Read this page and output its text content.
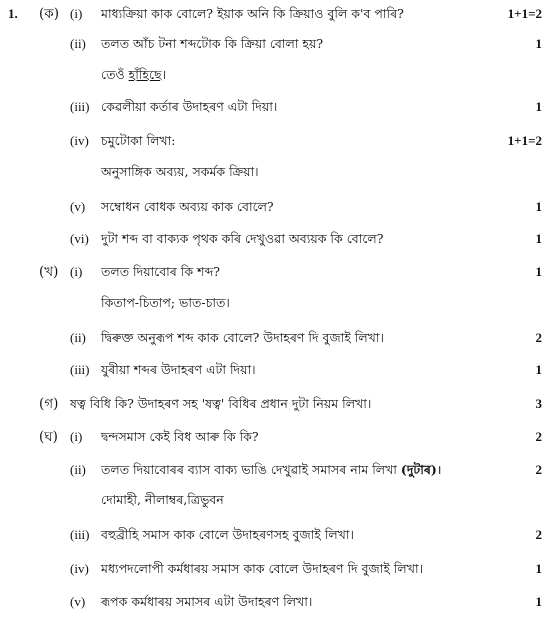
1. (ক) (i) মাধ্যক্ৰিয়া কাক বোলে? ইয়াক অনি কি ক্ৰিয়াও বুলি ক'ব পাৰি?	1+1=2
(ii) তলত আঁচ টনা শব্দটোক কি ক্ৰিয়া বোলা হয়?	1
তেওঁ হাঁহিছে।
(iii) কেৱলীয়া কৰ্তাৰ উদাহৰণ এটা দিয়া।	1
(iv) চমুটোকা লিখা:	1+1=2
অনুসাঙ্গিক অব্যয়, সকৰ্মক ক্ৰিয়া।
(v) সম্বোধন বোধক অব্যয় কাক বোলে?	1
(vi) দুটা শব্দ বা বাক্যক পৃথক কৰি দেখুওৱা অব্যয়ক কি বোলে?	1
(খ) (i) তলত দিয়াবোৰ কি শব্দ?	1
কিতাপ-চিতাপ; ভাত-চাত।
(ii) দ্বিৰুক্ত অনুৰূপ শব্দ কাক বোলে? উদাহৰণ দি বুজাই লিখা।	2
(iii) যুৰীয়া শব্দৰ উদাহৰণ এটা দিয়া।	1
(গ) ষত্ব বিধি কি? উদাহৰণ সহ 'ষত্ব' বিধিৰ প্ৰধান দুটা নিয়ম লিখা।	3
(ঘ) (i) দ্বন্দসমাস কেই বিধ আৰু কি কি?	2
(ii) তলত দিয়াবোৰৰ ব্যাস বাক্য ভাঙি দেখুৱাই সমাসৰ নাম লিখা (দুটাৰ)।	2
দোমাহী, নীলাম্বৰ,ত্ৰিভুবন
(iii) বহুব্ৰীহি সমাস কাক বোলে উদাহৰণসহ বুজাই লিখা।	2
(iv) মধ্যপদলোপী কৰ্মধাৰয় সমাস কাক বোলে উদাহৰণ দি বুজাই লিখা।	1
(v) ৰূপক কৰ্মধাৰয় সমাসৰ এটা উদাহৰণ লিখা।	1
